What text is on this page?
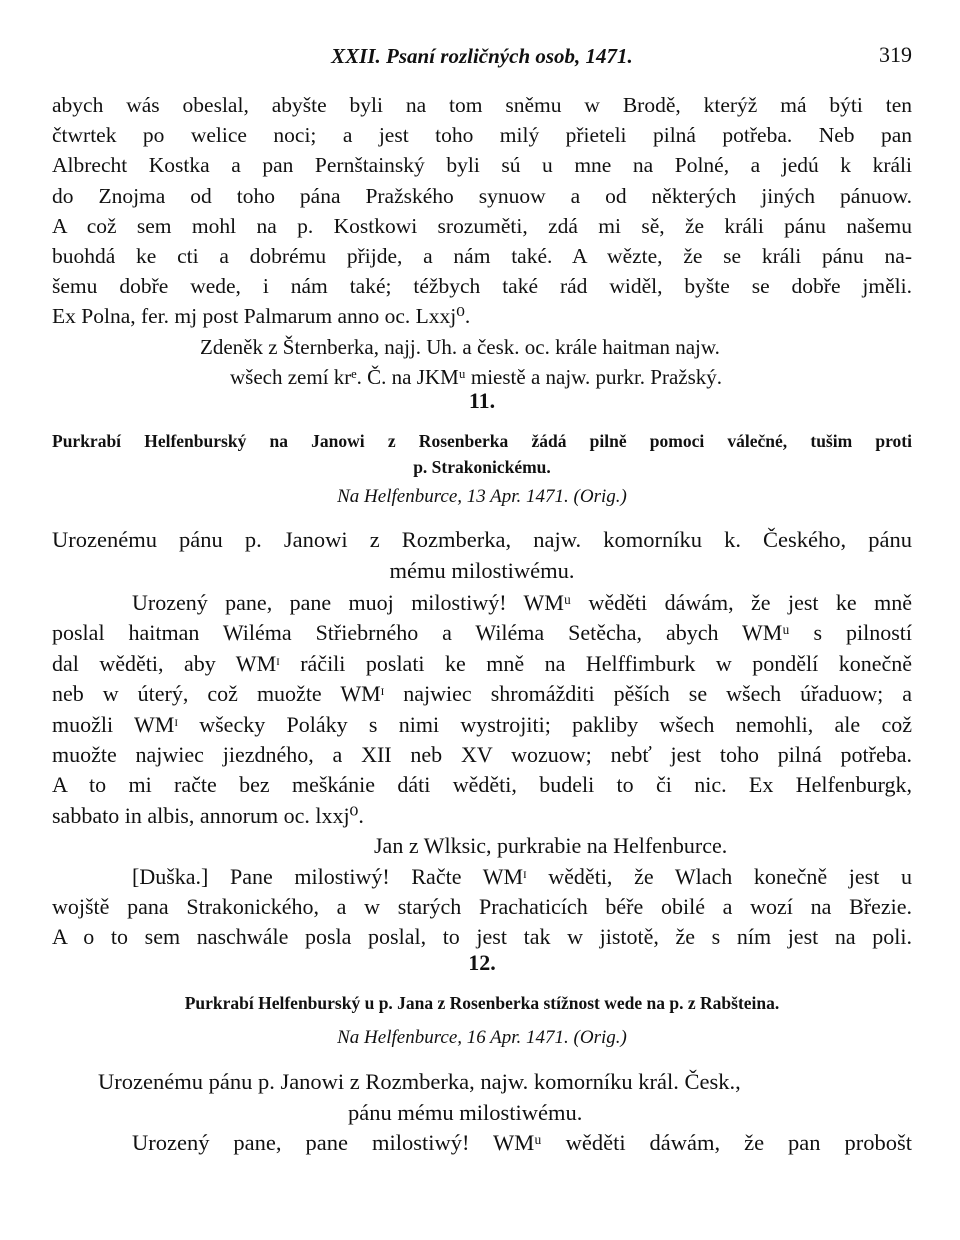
XXII. Psaní rozličných osob, 1471.	319
abych wás obeslal, abyšte byli na tom sněmu w Brodě, kterýž má býti ten
čtwrtek po welice noci; a jest toho milý přieteli pilná potřeba. Neb pan
Albrecht Kostka a pan Pernštainský byli sú u mne na Polné, a jedú k králi
do Znojma od toho pána Pražského synuow a od některých jiných pánuow.
A což sem mohl na p. Kostkowi srozuměti, zdá mi sě, že králi pánu našemu
buohdá ke cti a dobrému přijde, a nám také. A wězte, že se králi pánu na-
šemu dobře wede, i nám také; téžbych také rád widěl, byšte se dobře jměli.
Ex Polna, fer. mj post Palmarum anno oc. Lxxj⁰.
Zdeněk z Šternberka, najj. Uh. a česk. oc. krále haitman najw.
wšech zemí krᵉ. Č. na JKMᵘ miestě a najw. purkr. Pražský.
11.
Purkrabí Helfenburský na Janowi z Rosenberka žádá pilně pomoci válečné, tušim proti
p. Strakonickému.
Na Helfenburce, 13 Apr. 1471. (Orig.)
Urozenému pánu p. Janowi z Rozmberka, najw. komorníku k. Českého, pánu
mému milostiwému.
Urozený pane, pane muoj milostiwý! WMᵘ wěděti dáwám, že jest ke mně
poslal haitman Wiléma Střiebrného a Wiléma Setěcha, abych WMᵘ s pilností
dal wěděti, aby WMᶦ ráčili poslati ke mně na Helffimburk w pondělí konečně
neb w úterý, což muožte WMᶦ najwiec shromážditi pěších se wšech úřaduow; a
muožli WMᶦ wšecky Poláky s nimi wystrojiti; pakliby wšech nemohli, ale což
muožte najwiec jiezdného, a XII neb XV wozuow; nebť jest toho pilná potřeba.
A to mi račte bez meškánie dáti wěděti, budeli to či nic. Ex Helfenburgk,
sabbato in albis, annorum oc. lxxj⁰.
Jan z Wlksic, purkrabie na Helfenburce.
[Duška.] Pane milostiwý! Račte WMᶦ wěděti, že Wlach konečně jest u
wojště pana Strakonického, a w starých Prachaticích béře obilé a wozí na Březie.
A o to sem naschwále posla poslal, to jest tak w jistotě, že s ním jest na poli.
12.
Purkrabí Helfenburský u p. Jana z Rosenberka stížnost wede na p. z Rabšteina.
Na Helfenburce, 16 Apr. 1471. (Orig.)
Urozenému pánu p. Janowi z Rozmberka, najw. komorníku král. Česk.,
pánu mému milostiwému.
Urozený pane, pane milostiwý! WMᵘ wěděti dáwám, že pan probošt
